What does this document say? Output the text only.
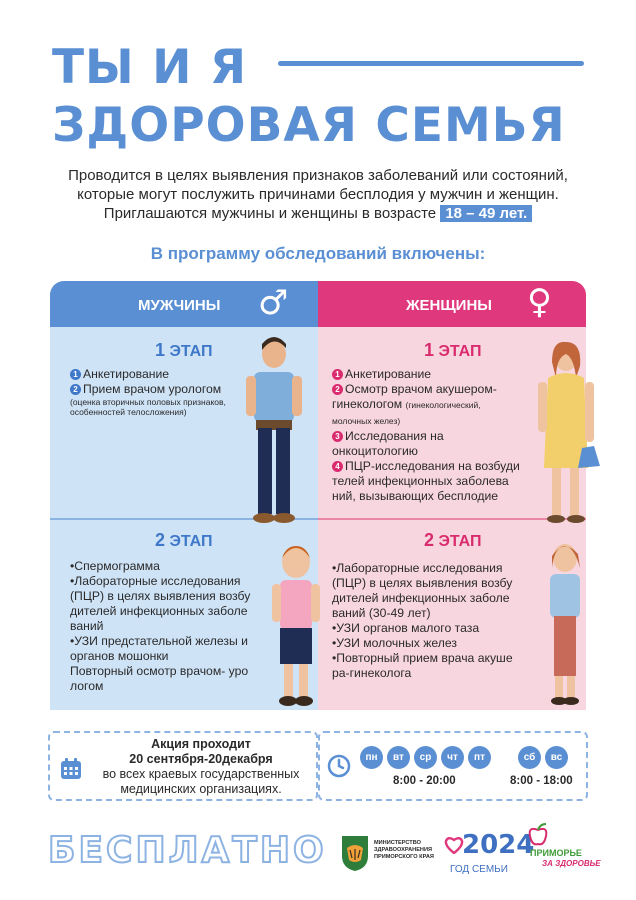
ТЫ И Я
ЗДОРОВАЯ СЕМЬЯ
Проводится в целях выявления признаков заболеваний или состояний,
которые могут послужить причинами бесплодия у мужчин и женщин.
Приглашаются мужчины и женщины в возрасте 18 – 49 лет.
В программу обследований включены:
МУЖЧИНЫ ♂	ЖЕНЩИНЫ ♀
1 ЭТАП
1 Анкетирование
2 Прием врачом урологом
(оценка вторичных половых признаков, особенностей телосложения)
2 ЭТАП
•Спермограмма
•Лабораторные исследования (ПЦР) в целях выявления возбу дителей инфекционных заболе ваний
•УЗИ предстательной железы и органов мошонки
Повторный осмотр врачом- уро логом
1 ЭТАП
1 Анкетирование
2 Осмотр врачом акушером-гинекологом (гинекологический, молочных желез)
3 Исследования на онкоцитологию
4 ПЦР-исследования на возбуди телей инфекционных заболева ний, вызывающих бесплодие
2 ЭТАП
•Лабораторные исследования (ПЦР) в целях выявления возбу дителей инфекционных заболе ваний (30-49 лет)
•УЗИ органов малого таза
•УЗИ молочных желез
•Повторный прием врача акуше ра-гинеколога
Акция проходит
20 сентября-20декабря
во всех краевых государственных медицинских организациях.
пн	вт	ср	чт	пт
8:00 - 20:00
сб	вс
8:00 - 18:00
БЕСПЛАТНО	МИНИСТЕРСТВО ЗДРАВООХРАНЕНИЯ ПРИМОРСКОГО КРАЯ	2024
ГОД СЕМЬИ
ПРИМОРЬЕ
ЗА ЗДОРОВЬЕ
